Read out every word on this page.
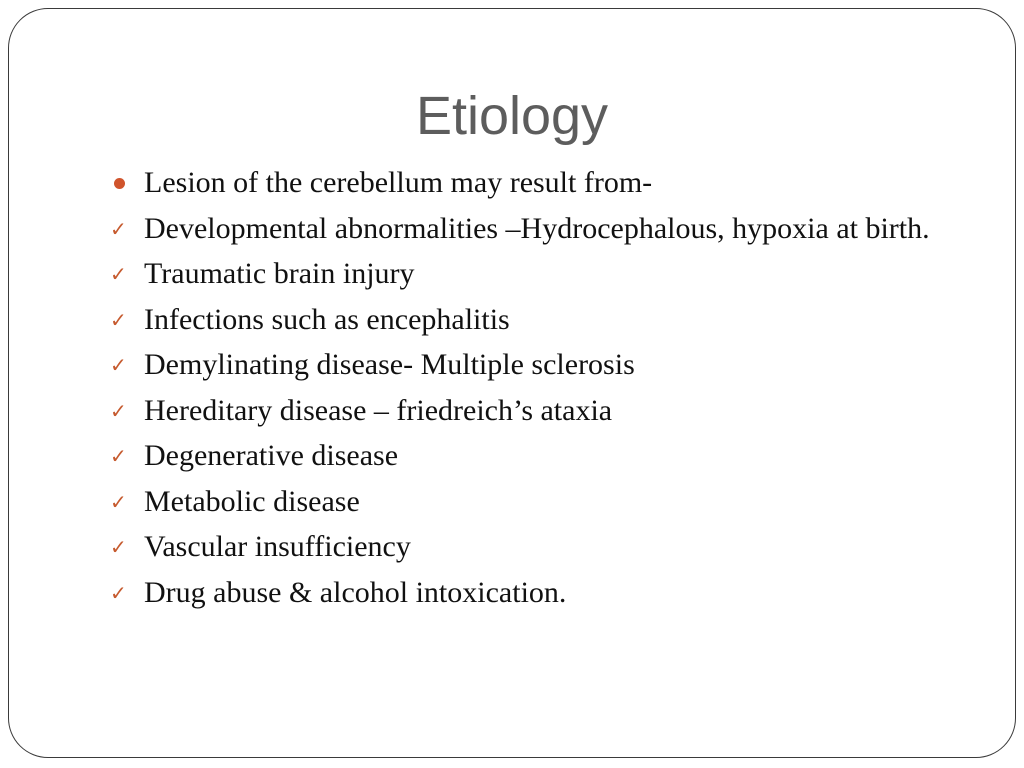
Etiology
Lesion of the cerebellum may result from-
✓ Developmental abnormalities –Hydrocephalous, hypoxia at birth.
✓ Traumatic brain injury
✓ Infections such as encephalitis
✓ Demylinating disease- Multiple sclerosis
✓ Hereditary disease – friedreich’s ataxia
✓ Degenerative disease
✓ Metabolic disease
✓ Vascular insufficiency
✓ Drug abuse & alcohol intoxication.
